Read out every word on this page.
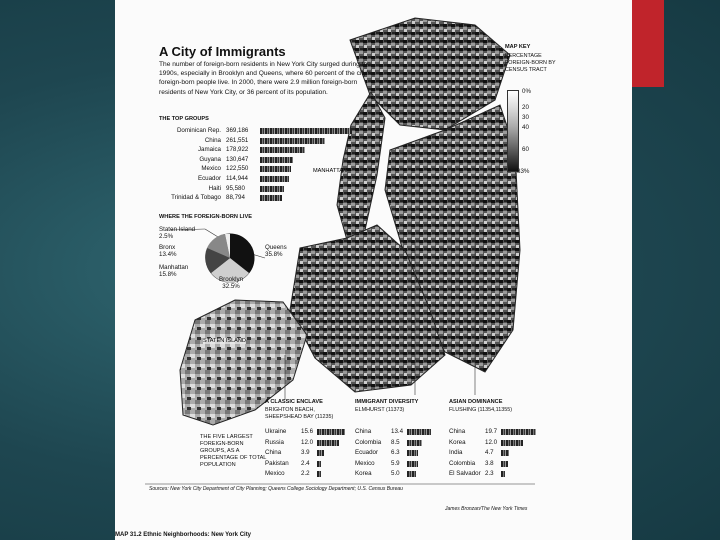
A City of Immigrants
The number of foreign-born residents in New York City surged during the 1990s, especially in Brooklyn and Queens, where 60 percent of the city's foreign-born people live. In 2000, there were 2.9 million foreign-born residents of New York City, or 36 percent of its population.
MAP KEY
PERCENTAGE FOREIGN-BORN BY CENSUS TRACT
0%
20
30
40
60
83%
THE TOP GROUPS
Dominican Rep. 369,186
China 261,551
Jamaica 178,922
Guyana 130,647
Mexico 122,550
Ecuador 114,944
Haiti 95,580
Trinidad & Tobago 88,794
WHERE THE FOREIGN-BORN LIVE
Queens
35.8%
Brooklyn
32.5%
Manhattan
15.8%
Bronx
13.4%
Staten Island
2.5%
MANHATTAN
STATEN ISLAND
THE FIVE LARGEST FOREIGN-BORN GROUPS, AS A PERCENTAGE OF TOTAL POPULATION
A CLASSIC ENCLAVE
BRIGHTON BEACH, SHEEPSHEAD BAY (11235)
Ukraine 15.6
Russia	12.0
China	3.9
Pakistan 2.4
Mexico	2.2
IMMIGRANT DIVERSITY
ELMHURST (11373)
China	13.4
Colombia 8.5
Ecuador 6.3
Mexico	5.9
Korea	5.0
ASIAN DOMINANCE
FLUSHING (11354,11355)
China	19.7
Korea	12.0
India	4.7
Colombia 3.8
El Salvador 2.3
Sources: New York City Department of City Planning; Queens College Sociology Department; U.S. Census Bureau
James Bronzan/The New York Times
MAP 31.2 Ethnic Neighborhoods: New York City
